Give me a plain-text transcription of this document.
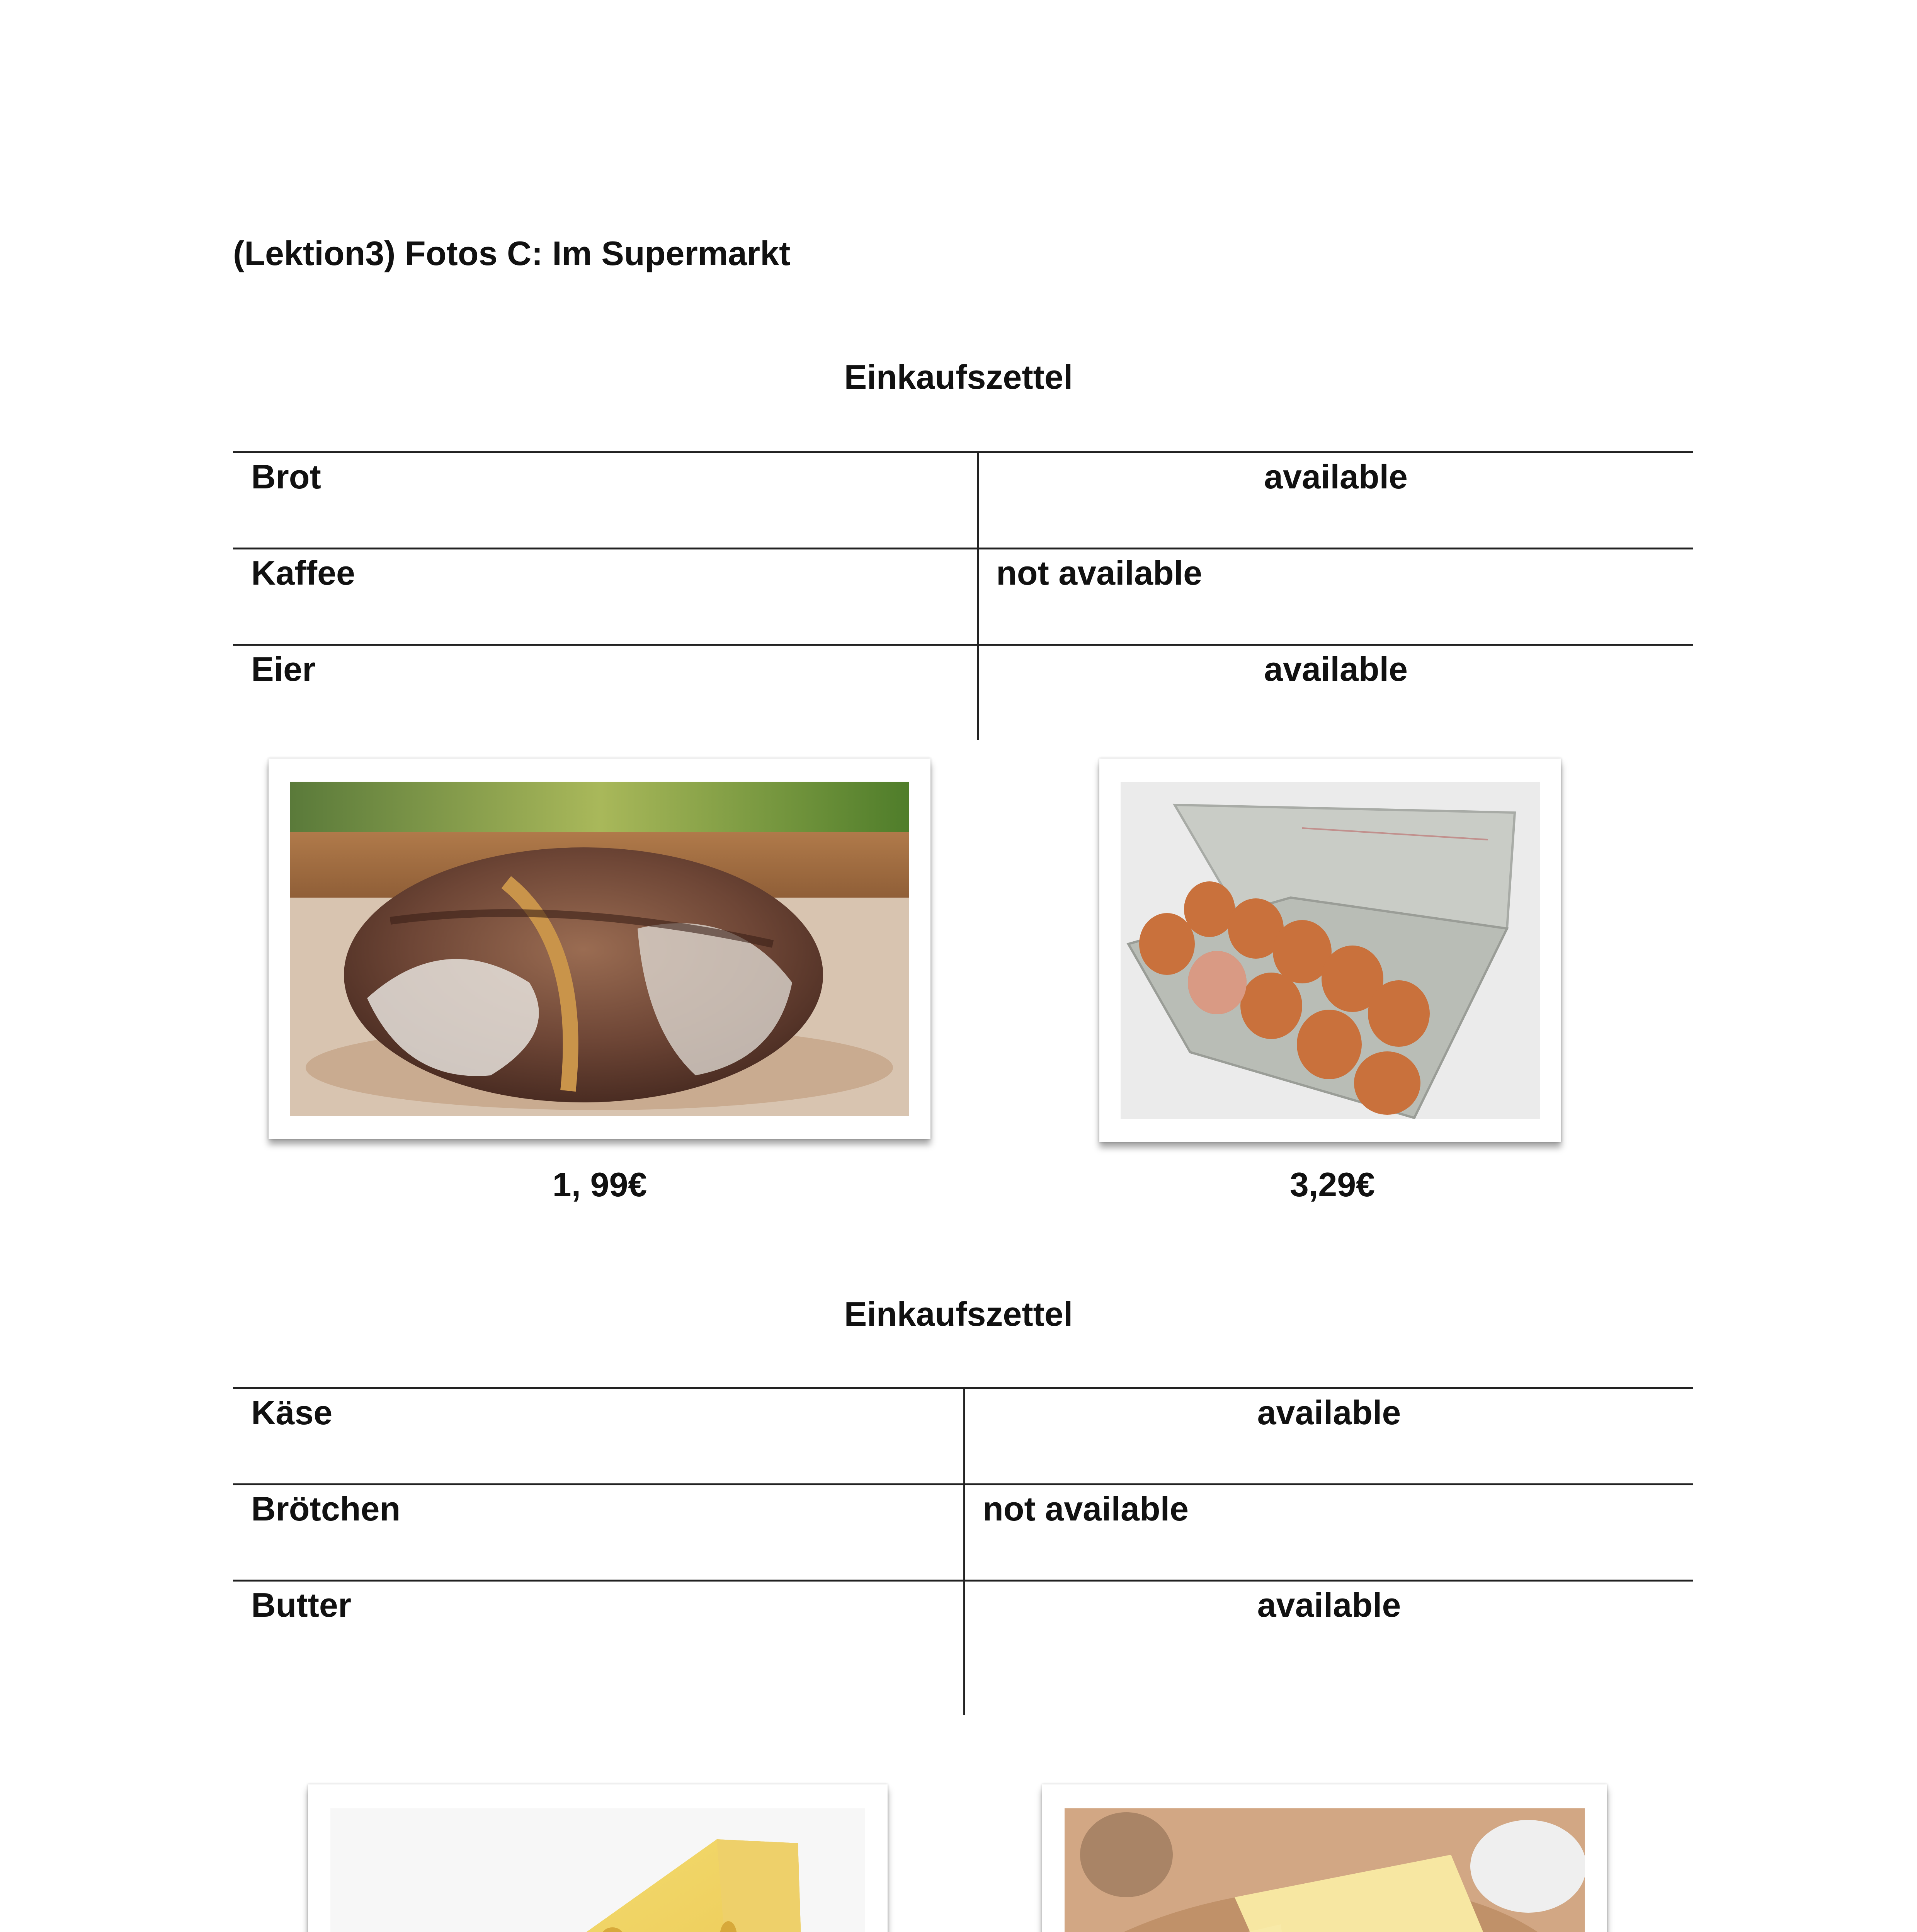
(Lektion3) Fotos C: Im Supermarkt
Einkaufszettel
Brot	available
Kaffee	not available
Eier	available
1, 99€	3,29€
Einkaufszettel
Käse	available
Brötchen	not available
Butter	available
